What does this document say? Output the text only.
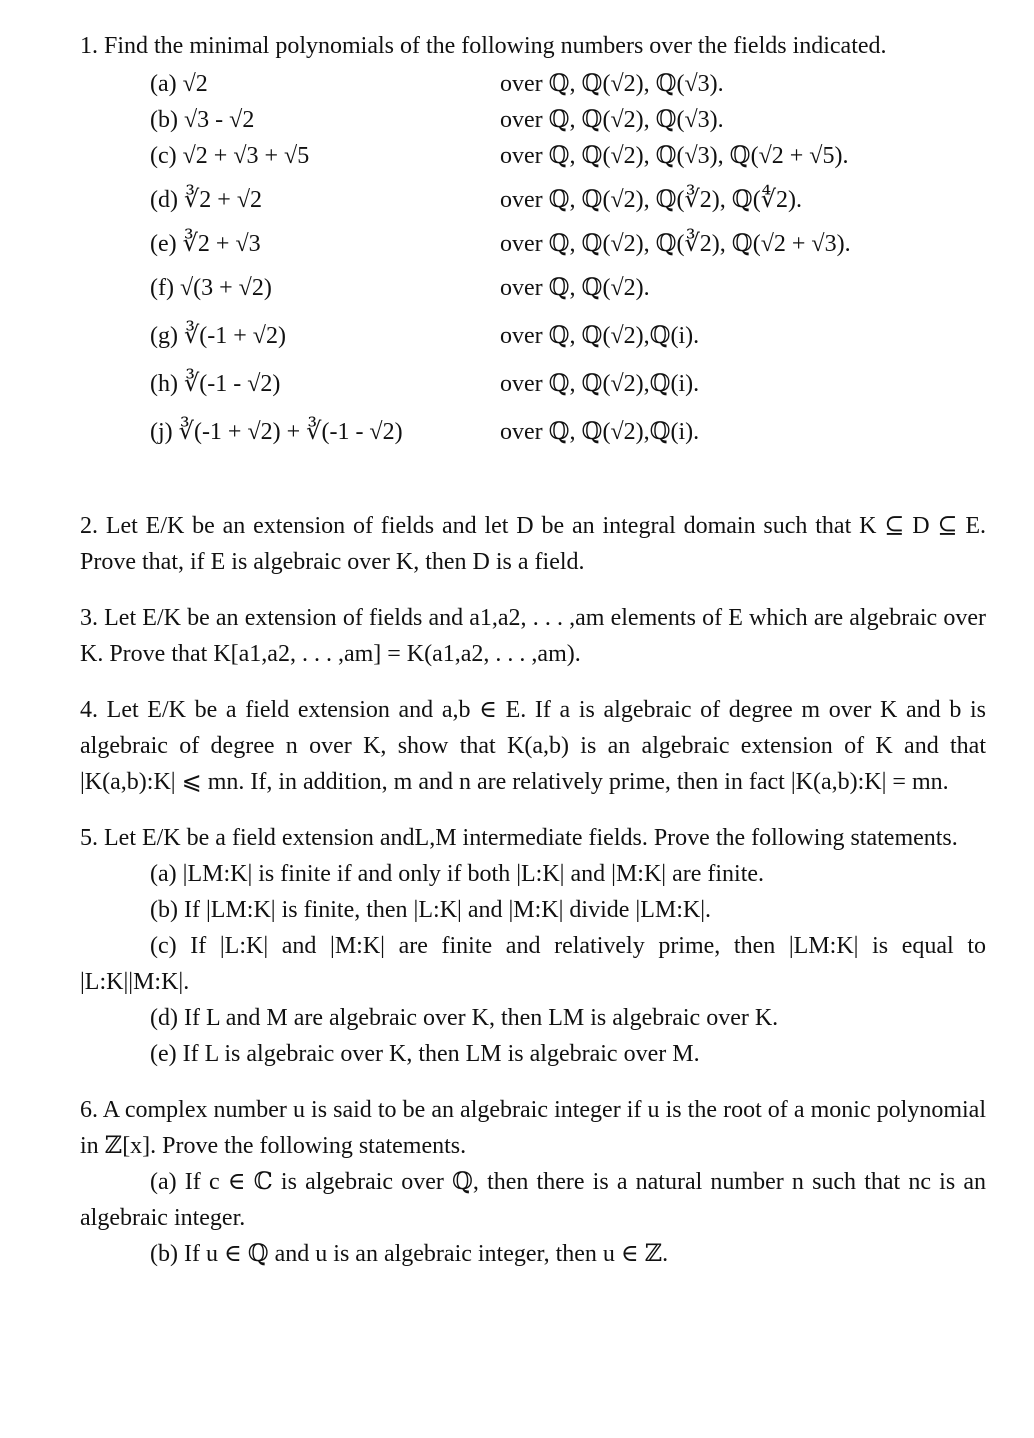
1. Find the minimal polynomials of the following numbers over the fields indicated.
(a) √2	over ℚ, ℚ(√2), ℚ(√3).
(b) √3 - √2	over ℚ, ℚ(√2), ℚ(√3).
(c) √2 + √3 + √5	over ℚ, ℚ(√2), ℚ(√3), ℚ(√2 + √5).
(d) ∛2 + √2	over ℚ, ℚ(√2), ℚ(∛2), ℚ(∜2).
(e) ∛2 + √3	over ℚ, ℚ(√2), ℚ(∛2), ℚ(√2 + √3).
(f) √(3 + √2)	over ℚ, ℚ(√2).
(g) ∛(-1 + √2)	over ℚ, ℚ(√2),ℚ(i).
(h) ∛(-1 - √2)	over ℚ, ℚ(√2),ℚ(i).
(j) ∛(-1 + √2) + ∛(-1 - √2)	over ℚ, ℚ(√2),ℚ(i).
2. Let E/K be an extension of fields and let D be an integral domain such that K ⊆ D ⊆ E. Prove that, if E is algebraic over K, then D is a field.
3. Let E/K be an extension of fields and a1,a2, . . . ,am elements of E which are algebraic over K. Prove that K[a1,a2, . . . ,am] = K(a1,a2, . . . ,am).
4. Let E/K be a field extension and a,b ∈ E. If a is algebraic of degree m over K and b is algebraic of degree n over K, show that K(a,b) is an algebraic extension of K and that |K(a,b):K| ⩽ mn. If, in addition, m and n are relatively prime, then in fact |K(a,b):K| = mn.
5. Let E/K be a field extension andL,M intermediate fields. Prove the following statements.
(a) |LM:K| is finite if and only if both |L:K| and |M:K| are finite.
(b) If |LM:K| is finite, then |L:K| and |M:K| divide |LM:K|.
(c) If |L:K| and |M:K| are finite and relatively prime, then |LM:K| is equal to |L:K||M:K|.
(d) If L and M are algebraic over K, then LM is algebraic over K.
(e) If L is algebraic over K, then LM is algebraic over M.
6. A complex number u is said to be an algebraic integer if u is the root of a monic polynomial in ℤ[x]. Prove the following statements.
(a) If c ∈ ℂ is algebraic over ℚ, then there is a natural number n such that nc is an algebraic integer.
(b) If u ∈ ℚ and u is an algebraic integer, then u ∈ ℤ.
